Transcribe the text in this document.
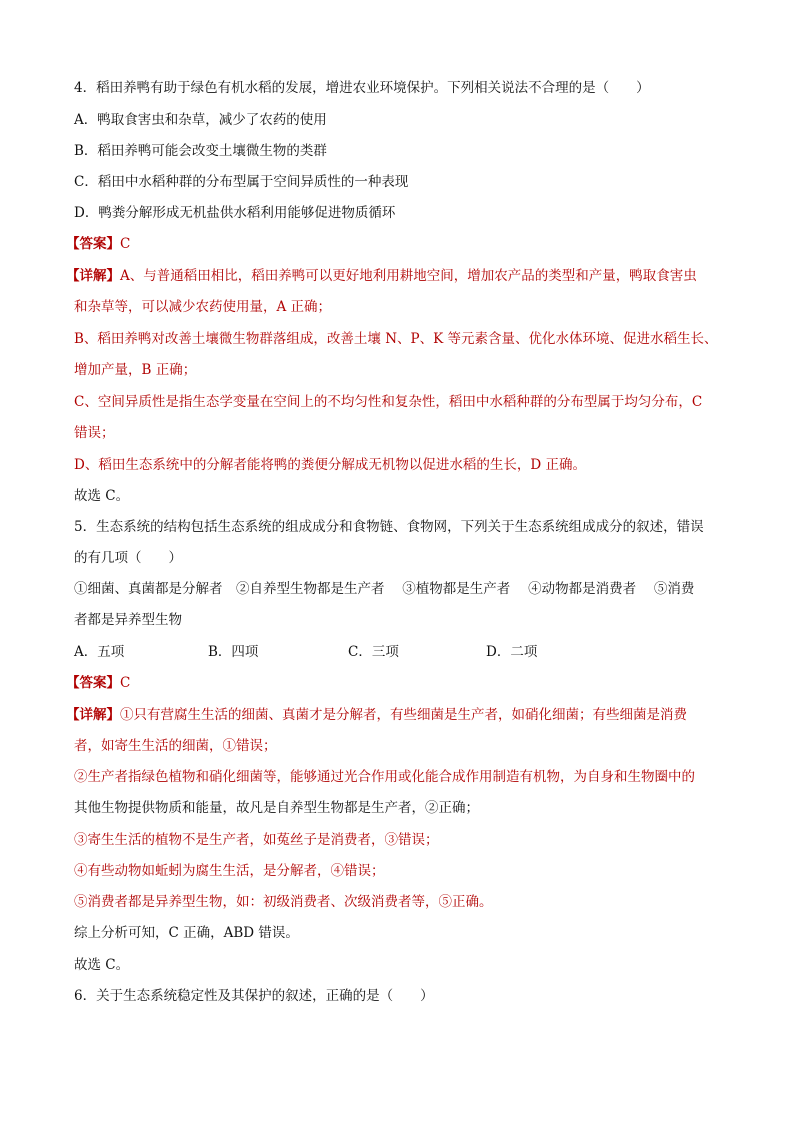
4．稻田养鸭有助于绿色有机水稻的发展，增进农业环境保护。下列相关说法不合理的是（　　）
A．鸭取食害虫和杂草，减少了农药的使用
B．稻田养鸭可能会改变土壤微生物的类群
C．稻田中水稻种群的分布型属于空间异质性的一种表现
D．鸭粪分解形成无机盐供水稻利用能够促进物质循环
【答案】C
【详解】A、与普通稻田相比，稻田养鸭可以更好地利用耕地空间，增加农产品的类型和产量，鸭取食害虫
和杂草等，可以减少农药使用量，A 正确；
B、稻田养鸭对改善土壤微生物群落组成，改善土壤 N、P、K 等元素含量、优化水体环境、促进水稻生长、
增加产量，B 正确；
C、空间异质性是指生态学变量在空间上的不均匀性和复杂性，稻田中水稻种群的分布型属于均匀分布，C
错误；
D、稻田生态系统中的分解者能将鸭的粪便分解成无机物以促进水稻的生长，D 正确。
故选 C。
5．生态系统的结构包括生态系统的组成成分和食物链、食物网，下列关于生态系统组成成分的叙述，错误
的有几项（　　）
①细菌、真菌都是分解者　②自养型生物都是生产者　 ③植物都是生产者　 ④动物都是消费者　 ⑤消费
者都是异养型生物
A．五项	B．四项	C．三项	D．二项
【答案】C
【详解】①只有营腐生生活的细菌、真菌才是分解者，有些细菌是生产者，如硝化细菌；有些细菌是消费
者，如寄生生活的细菌，①错误；
②生产者指绿色植物和硝化细菌等，能够通过光合作用或化能合成作用制造有机物，为自身和生物圈中的
其他生物提供物质和能量，故凡是自养型生物都是生产者，②正确；
③寄生生活的植物不是生产者，如菟丝子是消费者，③错误；
④有些动物如蚯蚓为腐生生活，是分解者，④错误；
⑤消费者都是异养型生物，如：初级消费者、次级消费者等，⑤正确。
综上分析可知，C 正确，ABD 错误。
故选 C。
6．关于生态系统稳定性及其保护的叙述，正确的是（　　）
